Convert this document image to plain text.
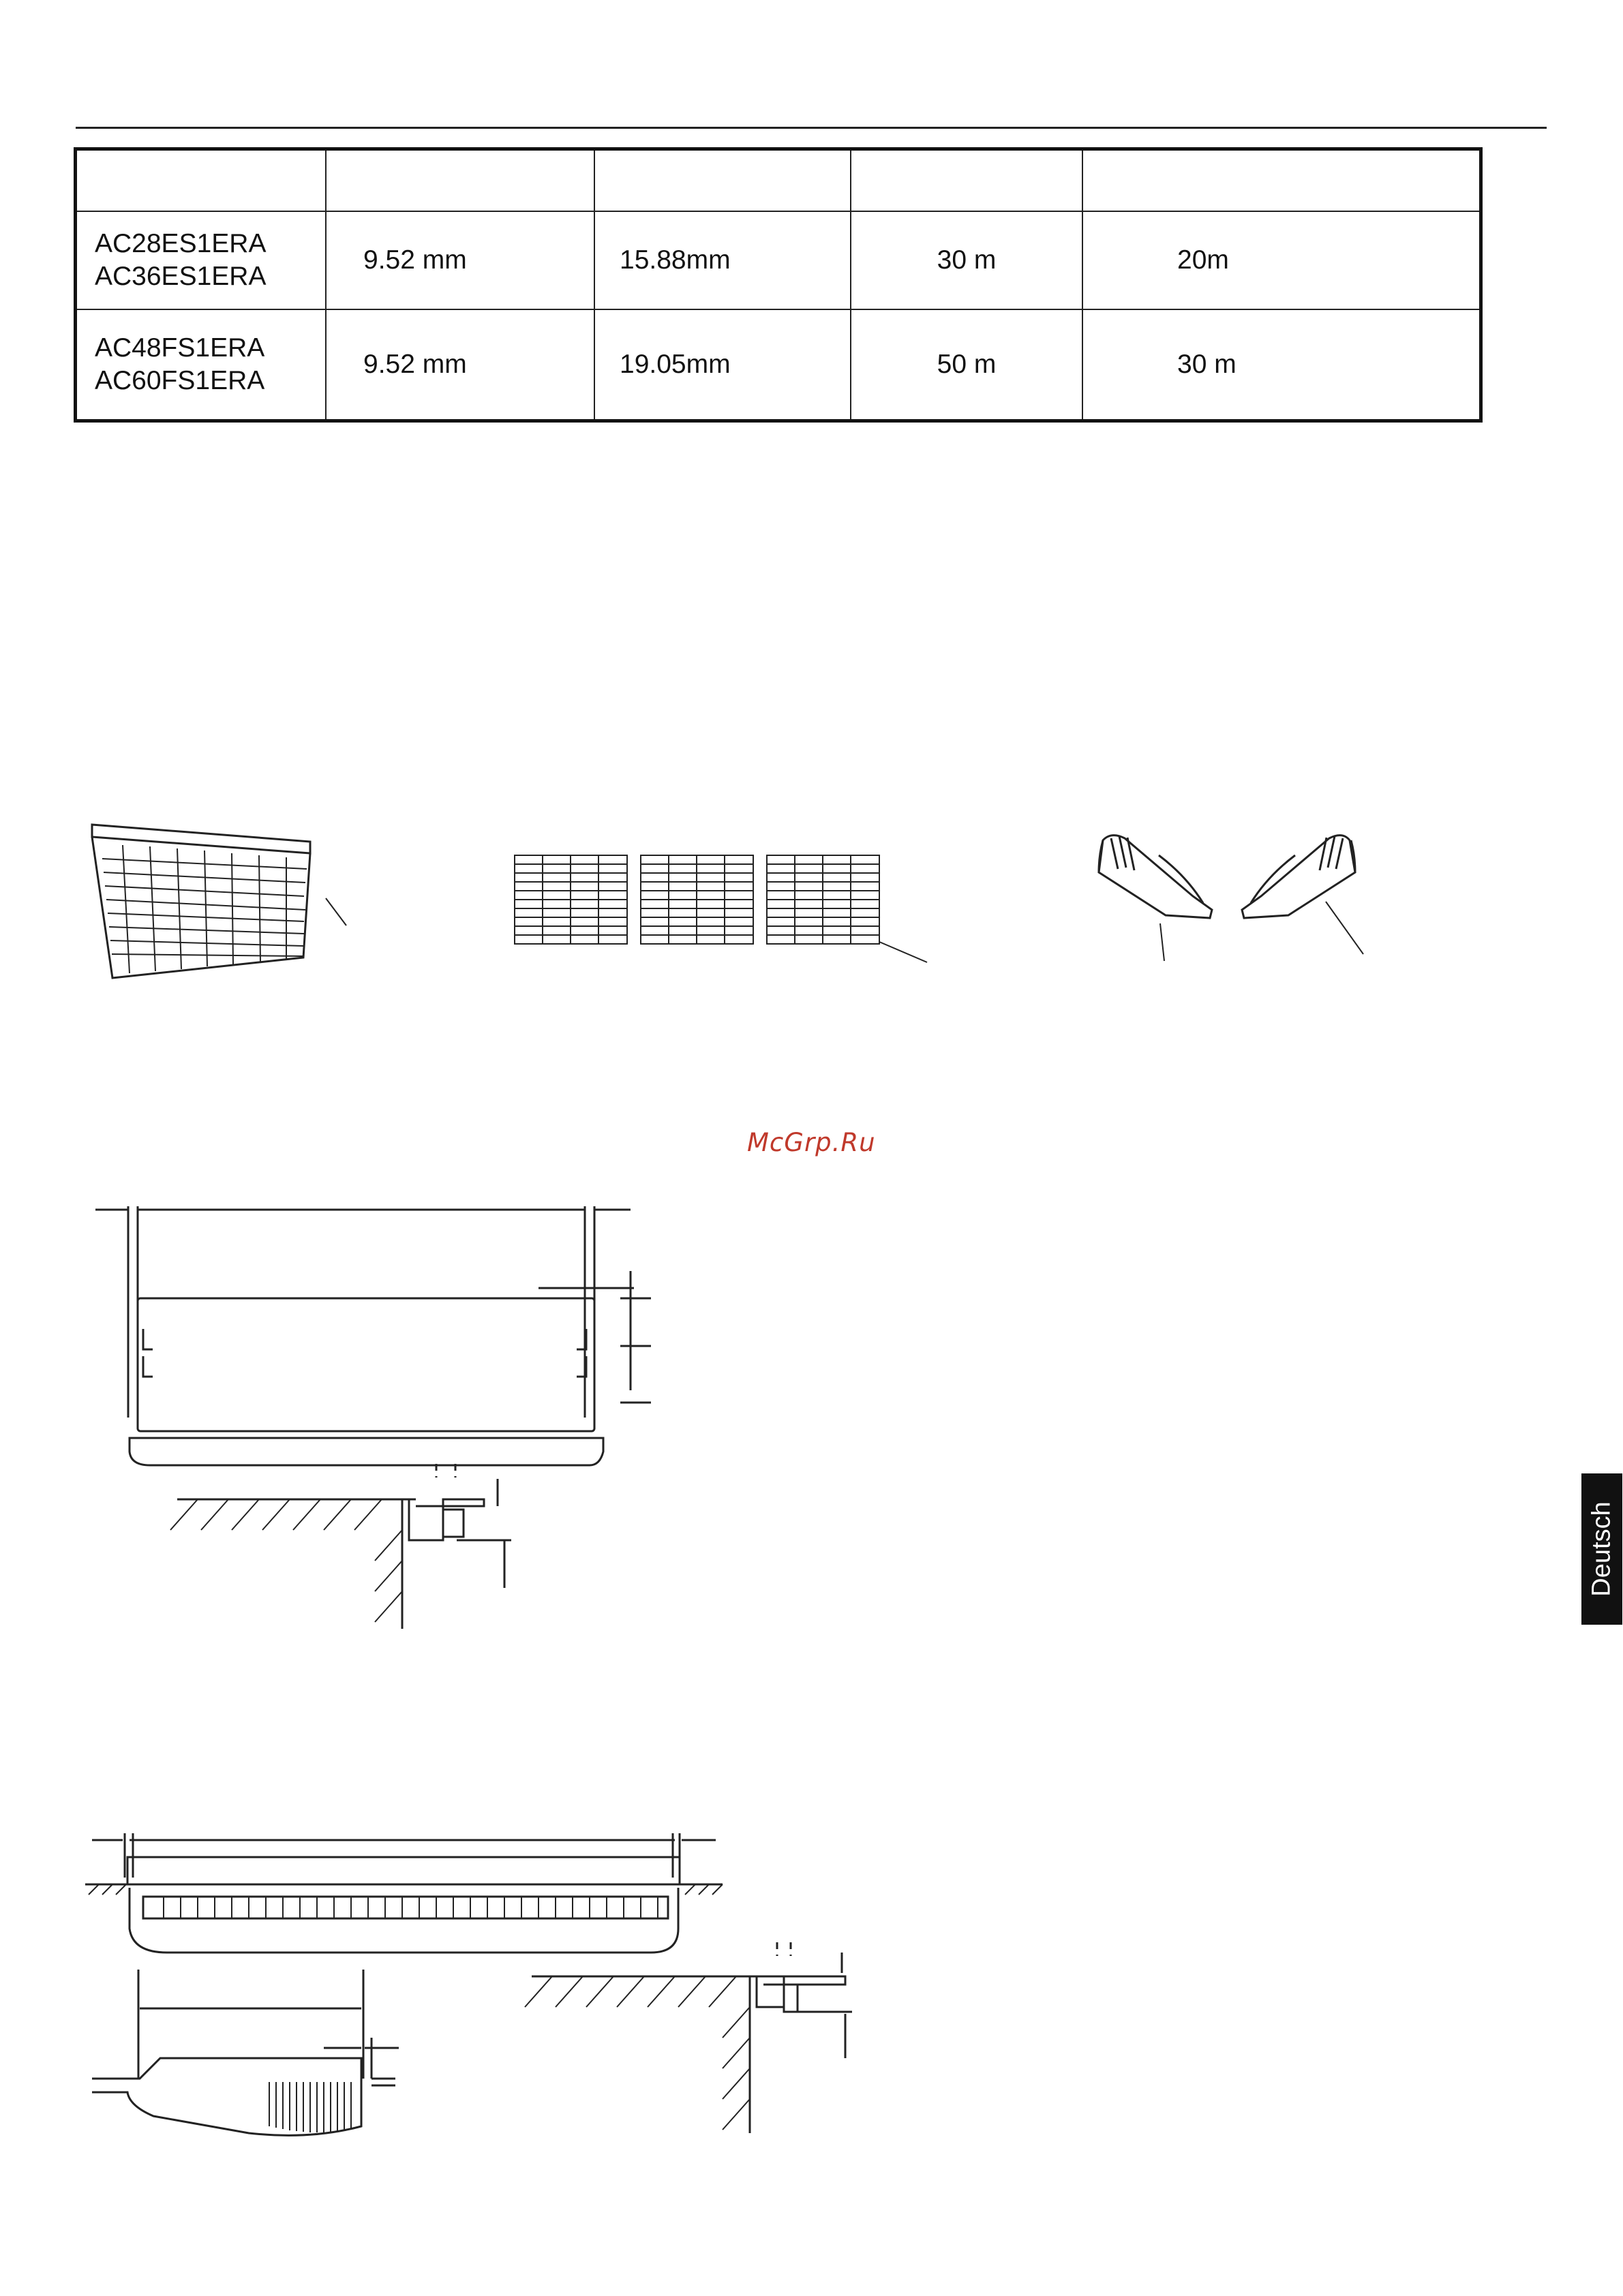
AC28ES1ERA
AC36ES1ERA	9.52 mm	15.88mm	30 m	20m

AC48FS1ERA
AC60FS1ERA	9.52 mm	19.05mm	50 m	30 m
McGrp.Ru
Deutsch
